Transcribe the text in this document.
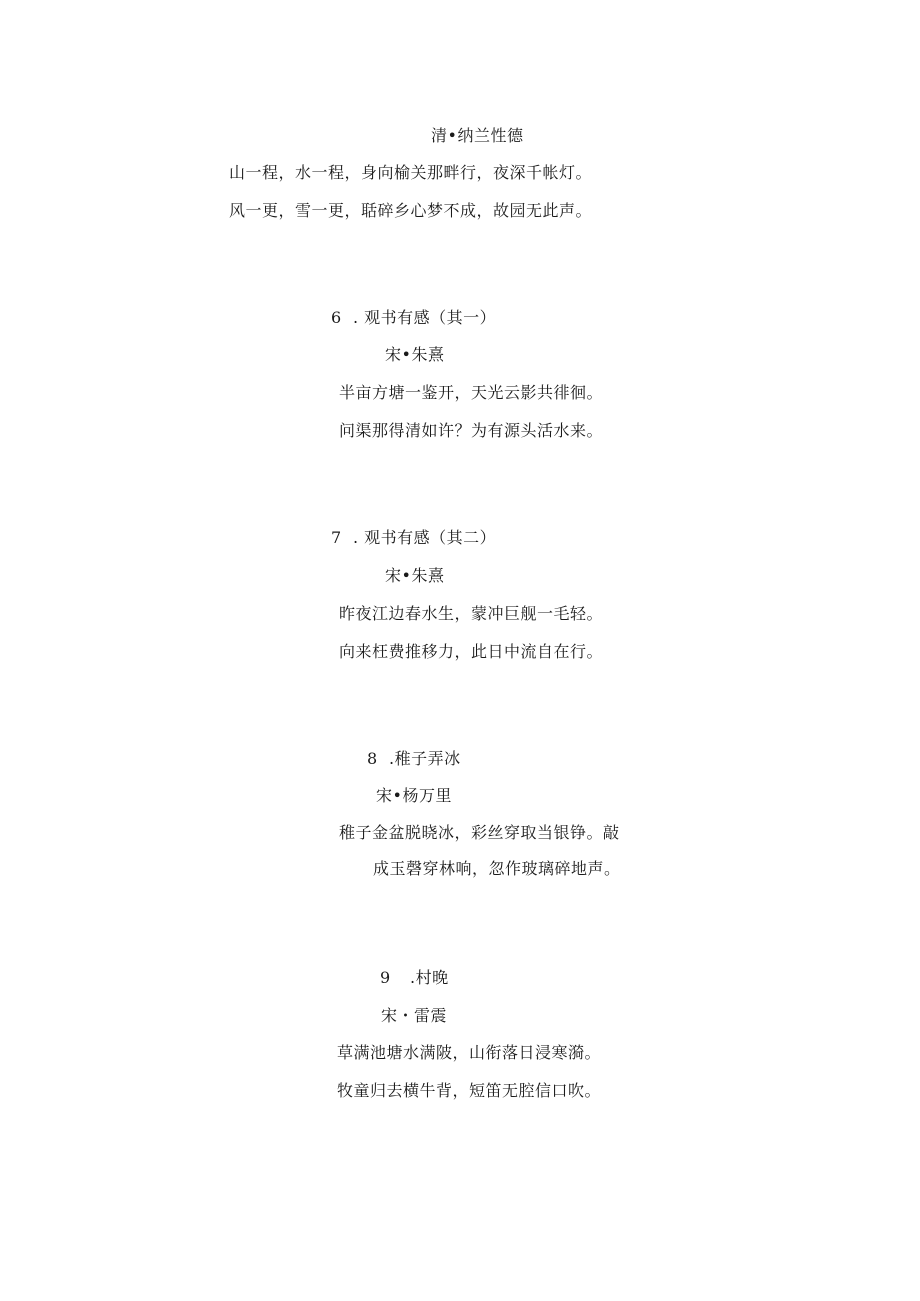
清•纳兰性德
山一程，水一程，身向榆关那畔行，夜深千帐灯。
风一更，雪一更，聒碎乡心梦不成，故园无此声。
6 . 观书有感（其一）
宋•朱熹
半亩方塘一鉴开，天光云影共徘徊。
问渠那得清如许？为有源头活水来。
7 . 观书有感（其二）
宋•朱熹
昨夜江边春水生，蒙冲巨舰一毛轻。
向来枉费推移力，此日中流自在行。
8 .稚子弄冰
宋•杨万里
稚子金盆脱晓冰，彩丝穿取当银铮。敲
成玉磬穿林响，忽作玻璃碎地声。
9 .村晚
宋・雷震
草满池塘水满陂，山衔落日浸寒漪。
牧童归去横牛背，短笛无腔信口吹。
